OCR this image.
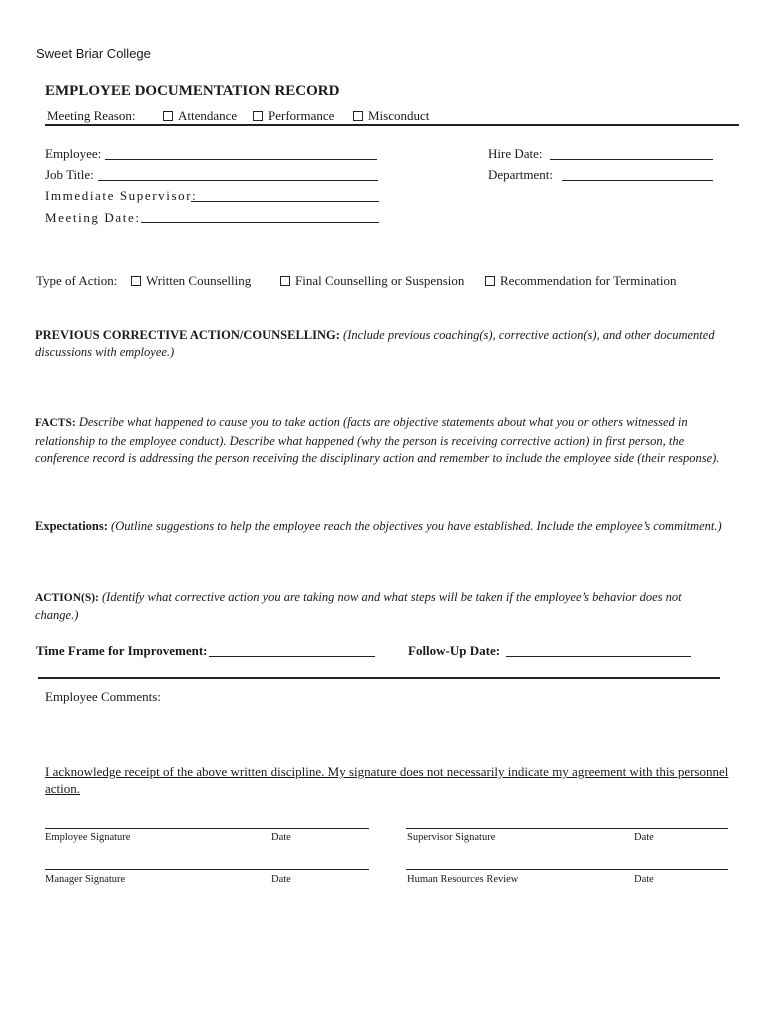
Sweet Briar College
EMPLOYEE DOCUMENTATION RECORD
Meeting Reason:	Attendance	Performance	Misconduct
Employee:
Job Title:
Immediate Supervisor:
Meeting Date:
Hire Date:
Department:
Type of Action:	Written Counselling	Final Counselling or Suspension	Recommendation for Termination
PREVIOUS CORRECTIVE ACTION/COUNSELLING: (Include previous coaching(s), corrective action(s), and other documented discussions with employee.)
FACTS: Describe what happened to cause you to take action (facts are objective statements about what you or others witnessed in relationship to the employee conduct). Describe what happened (why the person is receiving corrective action) in first person, the conference record is addressing the person receiving the disciplinary action and remember to include the employee side (their response).
Expectations: (Outline suggestions to help the employee reach the objectives you have established. Include the employee’s commitment.)
ACTION(S): (Identify what corrective action you are taking now and what steps will be taken if the employee’s behavior does not change.)
Time Frame for Improvement:	Follow-Up Date:
Employee Comments:
I acknowledge receipt of the above written discipline. My signature does not necessarily indicate my agreement with this personnel action.
Employee Signature	Date	Supervisor Signature	Date
Manager Signature	Date	Human Resources Review	Date
